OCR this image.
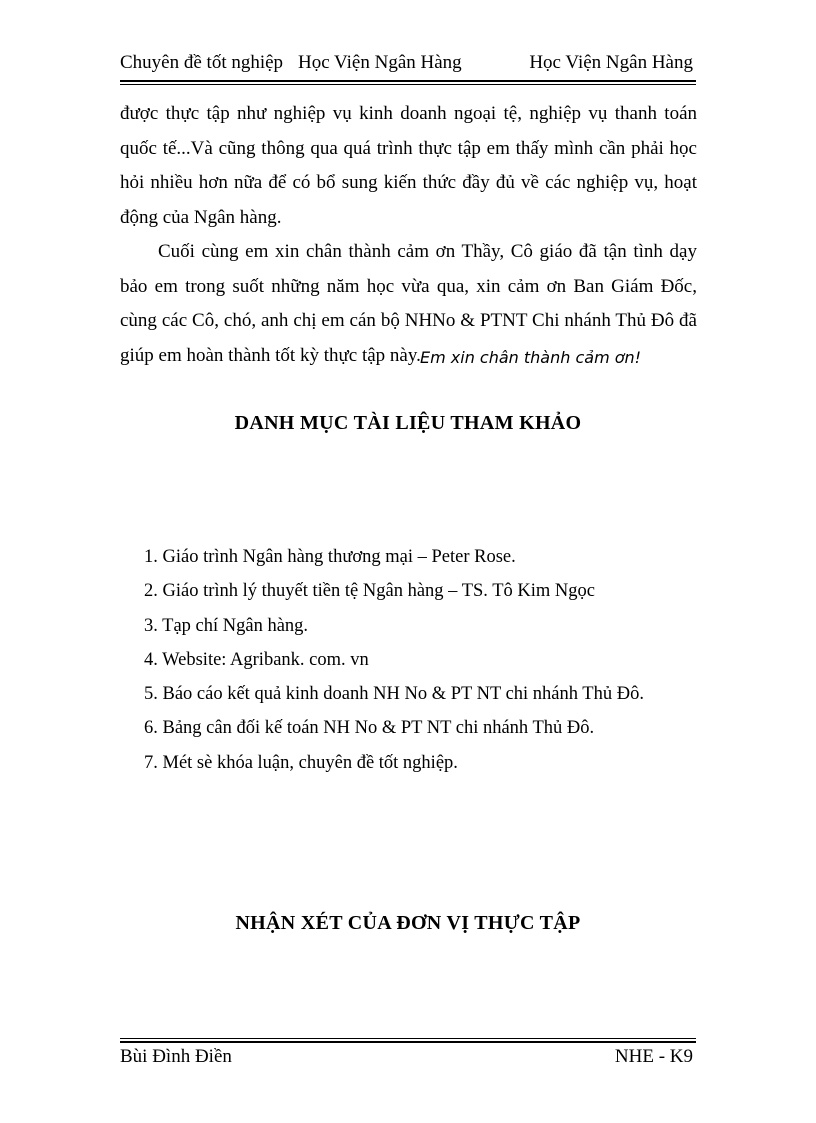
Chuyên đề tốt nghiệp Học Viện Ngân Hàng	Học Viện Ngân Hàng

được thực tập như nghiệp vụ kinh doanh ngoại tệ, nghiệp vụ thanh toán quốc tế...Và cũng thông qua quá trình thực tập em thấy mình cần phải học hỏi nhiều hơn nữa để có bổ sung kiến thức đầy đủ về các nghiệp vụ, hoạt động của Ngân hàng.

Cuối cùng em xin chân thành cảm ơn Thầy, Cô giáo đã tận tình dạy bảo em trong suốt những năm học vừa qua, xin cảm ơn Ban Giám Đốc, cùng các Cô, chó, anh chị em cán bộ NHNo & PTNT Chi nhánh Thủ Đô đã giúp em hoàn thành tốt kỳ thực tập này. Em xin chân thành cảm ơn!
DANH MỤC TÀI LIỆU THAM KHẢO
1. Giáo trình Ngân hàng thương mại – Peter Rose.
2. Giáo trình lý thuyết tiền tệ Ngân hàng – TS. Tô Kim Ngọc
3. Tạp chí Ngân hàng.
4. Website: Agribank. com. vn
5. Báo cáo kết quả kinh doanh NH No & PT NT chi nhánh Thủ Đô.
6. Bảng cân đối kế toán NH No & PT NT chi nhánh Thủ Đô.
7. Mét sè khóa luận, chuyên đề tốt nghiệp.
NHẬN XÉT CỦA ĐƠN VỊ THỰC TẬP
Bùi Đình Điền	NHE - K9
